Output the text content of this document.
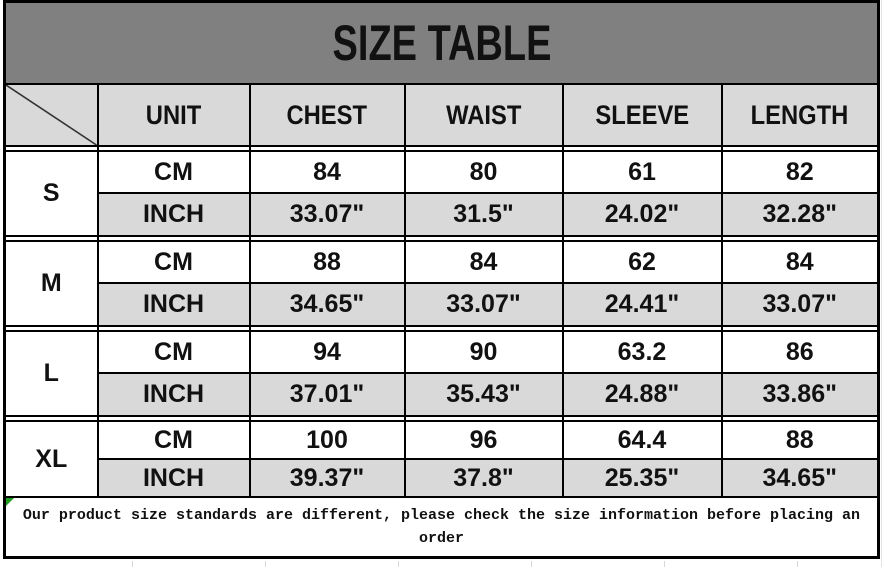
SIZE TABLE					

	UNIT	CHEST	WAIST	SLEEVE	LENGTH

S	CM	84	80	61	82
	INCH	33.07"	31.5"	24.02"	32.28"

M	CM	88	84	62	84
	INCH	34.65"	33.07"	24.41"	33.07"

L	CM	94	90	63.2	86
	INCH	37.01"	35.43"	24.88"	33.86"

XL	CM	100	96	64.4	88
	INCH	39.37"	37.8"	25.35"	34.65"

Our product size standards are different, please check the size information before placing an order					
